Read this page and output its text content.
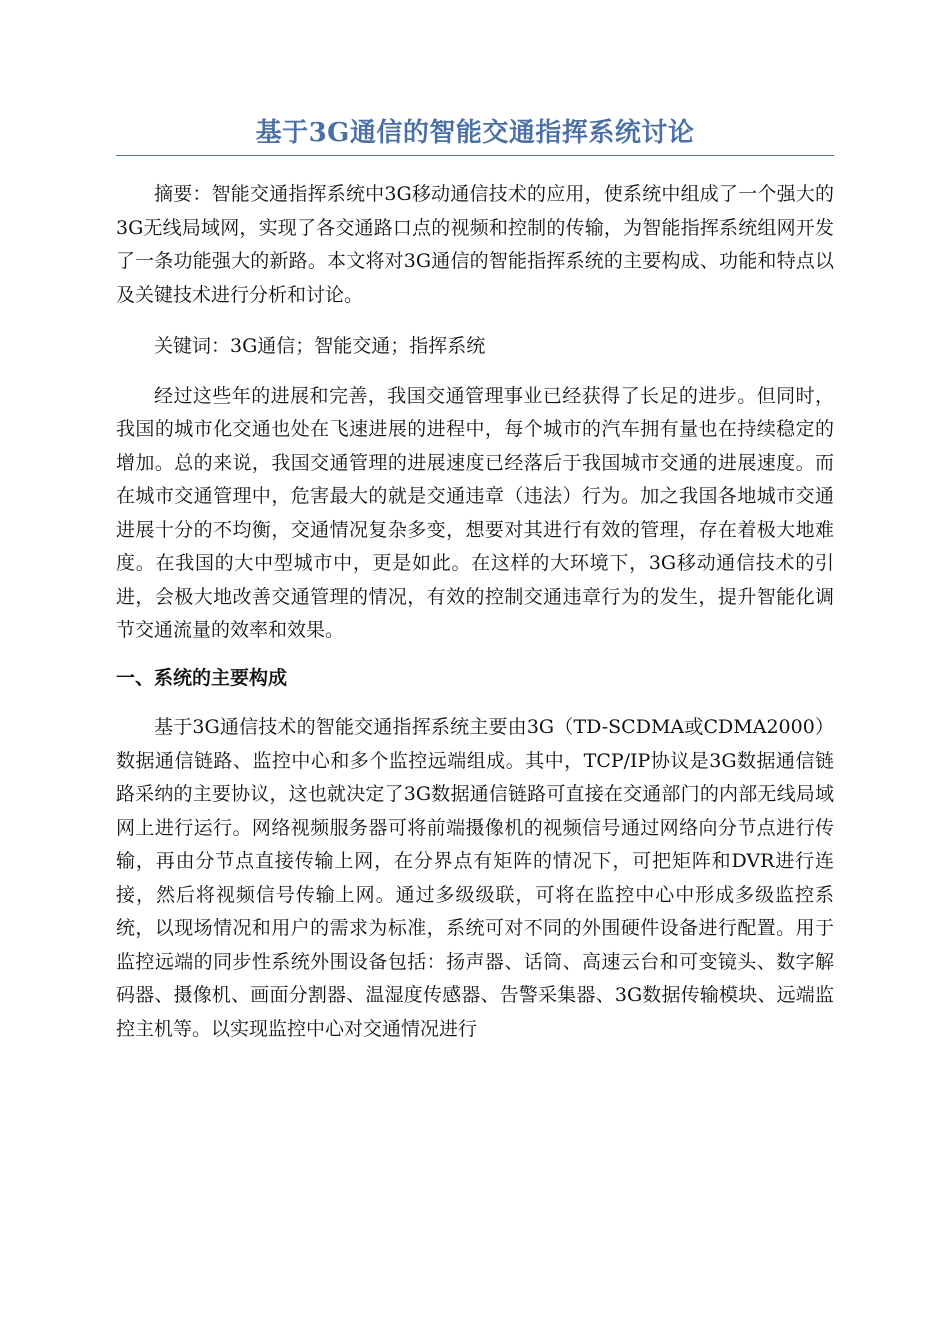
基于3G通信的智能交通指挥系统讨论

摘要：智能交通指挥系统中3G移动通信技术的应用，使系统中组成了一个强大的3G无线局域网，实现了各交通路口点的视频和控制的传输，为智能指挥系统组网开发了一条功能强大的新路。本文将对3G通信的智能指挥系统的主要构成、功能和特点以及关键技术进行分析和讨论。

关键词：3G通信；智能交通；指挥系统

经过这些年的进展和完善，我国交通管理事业已经获得了长足的进步。但同时，我国的城市化交通也处在飞速进展的进程中，每个城市的汽车拥有量也在持续稳定的增加。总的来说，我国交通管理的进展速度已经落后于我国城市交通的进展速度。而在城市交通管理中，危害最大的就是交通违章（违法）行为。加之我国各地城市交通进展十分的不均衡，交通情况复杂多变，想要对其进行有效的管理，存在着极大地难度。在我国的大中型城市中，更是如此。在这样的大环境下，3G移动通信技术的引进，会极大地改善交通管理的情况，有效的控制交通违章行为的发生，提升智能化调节交通流量的效率和效果。

一、系统的主要构成

基于3G通信技术的智能交通指挥系统主要由3G（TD-SCDMA或CDMA2000）数据通信链路、监控中心和多个监控远端组成。其中，TCP/IP协议是3G数据通信链路采纳的主要协议，这也就决定了3G数据通信链路可直接在交通部门的内部无线局域网上进行运行。网络视频服务器可将前端摄像机的视频信号通过网络向分节点进行传输，再由分节点直接传输上网，在分界点有矩阵的情况下，可把矩阵和DVR进行连接，然后将视频信号传输上网。通过多级级联，可将在监控中心中形成多级监控系统，以现场情况和用户的需求为标准，系统可对不同的外围硬件设备进行配置。用于监控远端的同步性系统外围设备包括：扬声器、话筒、高速云台和可变镜头、数字解码器、摄像机、画面分割器、温湿度传感器、告警采集器、3G数据传输模块、远端监控主机等。以实现监控中心对交通情况进行
